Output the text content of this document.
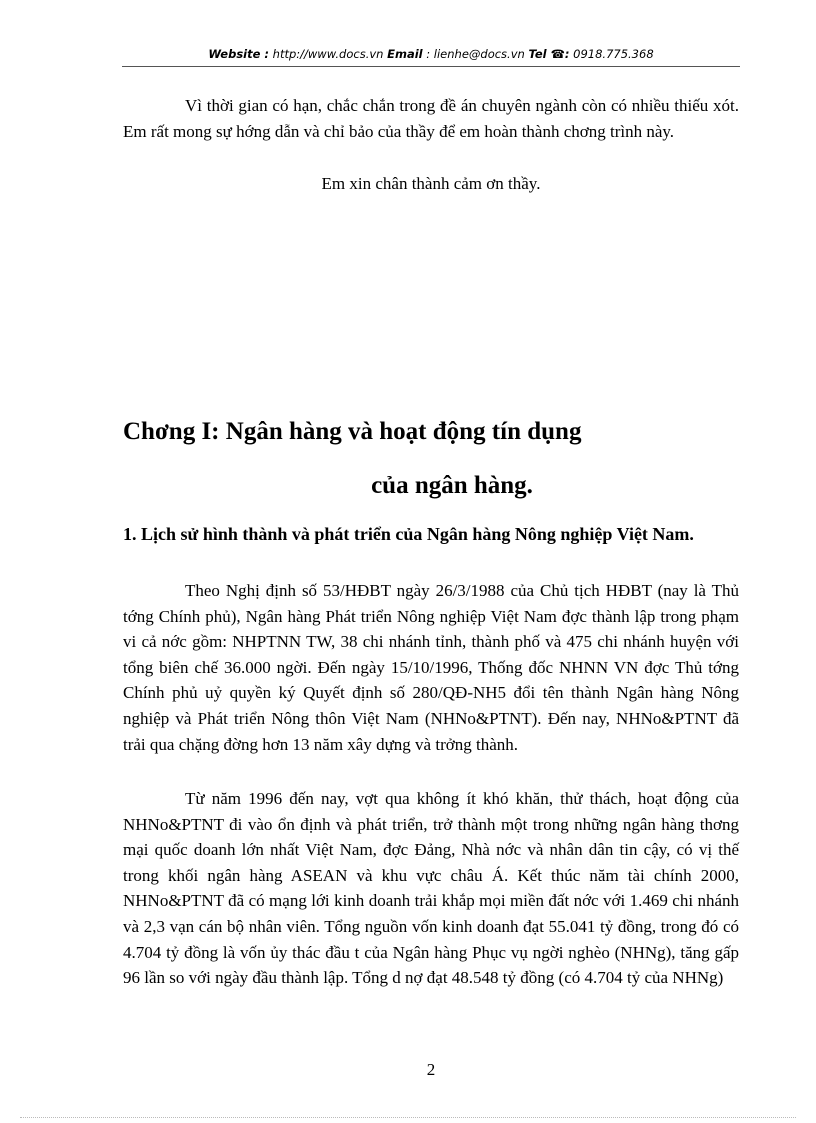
Website : http://www.docs.vn Email : lienhe@docs.vn Tel ☎: 0918.775.368

Vì thời gian có hạn, chắc chắn trong đề án chuyên ngành còn có nhiều thiếu xót. Em rất mong sự hớng dẫn và chỉ bảo của thầy để em hoàn thành chơng trình này.

Em xin chân thành cảm ơn thầy.

Chơng I: Ngân hàng và hoạt động tín dụng

của ngân hàng.

1. Lịch sử hình thành và phát triển của Ngân hàng Nông nghiệp Việt Nam.

Theo Nghị định số 53/HĐBT ngày 26/3/1988 của Chủ tịch HĐBT (nay là Thủ tớng Chính phủ), Ngân hàng Phát triển Nông nghiệp Việt Nam đợc thành lập trong phạm vi cả nớc gồm: NHPTNN TW, 38 chi nhánh tỉnh, thành phố và 475 chi nhánh huyện với tổng biên chế 36.000 ngời. Đến ngày 15/10/1996, Thống đốc NHNN VN đợc Thủ tớng Chính phủ uỷ quyền ký Quyết định số 280/QĐ-NH5 đổi tên thành Ngân hàng Nông nghiệp và Phát triển Nông thôn Việt Nam (NHNo&PTNT). Đến nay, NHNo&PTNT đã trải qua chặng đờng hơn 13 năm xây dựng và trởng thành.

Từ năm 1996 đến nay, vợt qua không ít khó khăn, thử thách, hoạt động của NHNo&PTNT đi vào ổn định và phát triển, trở thành một trong những ngân hàng thơng mại quốc doanh lớn nhất Việt Nam, đợc Đảng, Nhà nớc và nhân dân tin cậy, có vị thế trong khối ngân hàng ASEAN và khu vực châu Á. Kết thúc năm tài chính 2000, NHNo&PTNT đã có mạng lới kinh doanh trải khắp mọi miền đất nớc với 1.469 chi nhánh và 2,3 vạn cán bộ nhân viên. Tổng nguồn vốn kinh doanh đạt 55.041 tỷ đồng, trong đó có 4.704 tỷ đồng là vốn ủy thác đầu t của Ngân hàng Phục vụ ngời nghèo (NHNg), tăng gấp 96 lần so với ngày đầu thành lập. Tổng d nợ đạt 48.548 tỷ đồng (có 4.704 tỷ của NHNg)

2
